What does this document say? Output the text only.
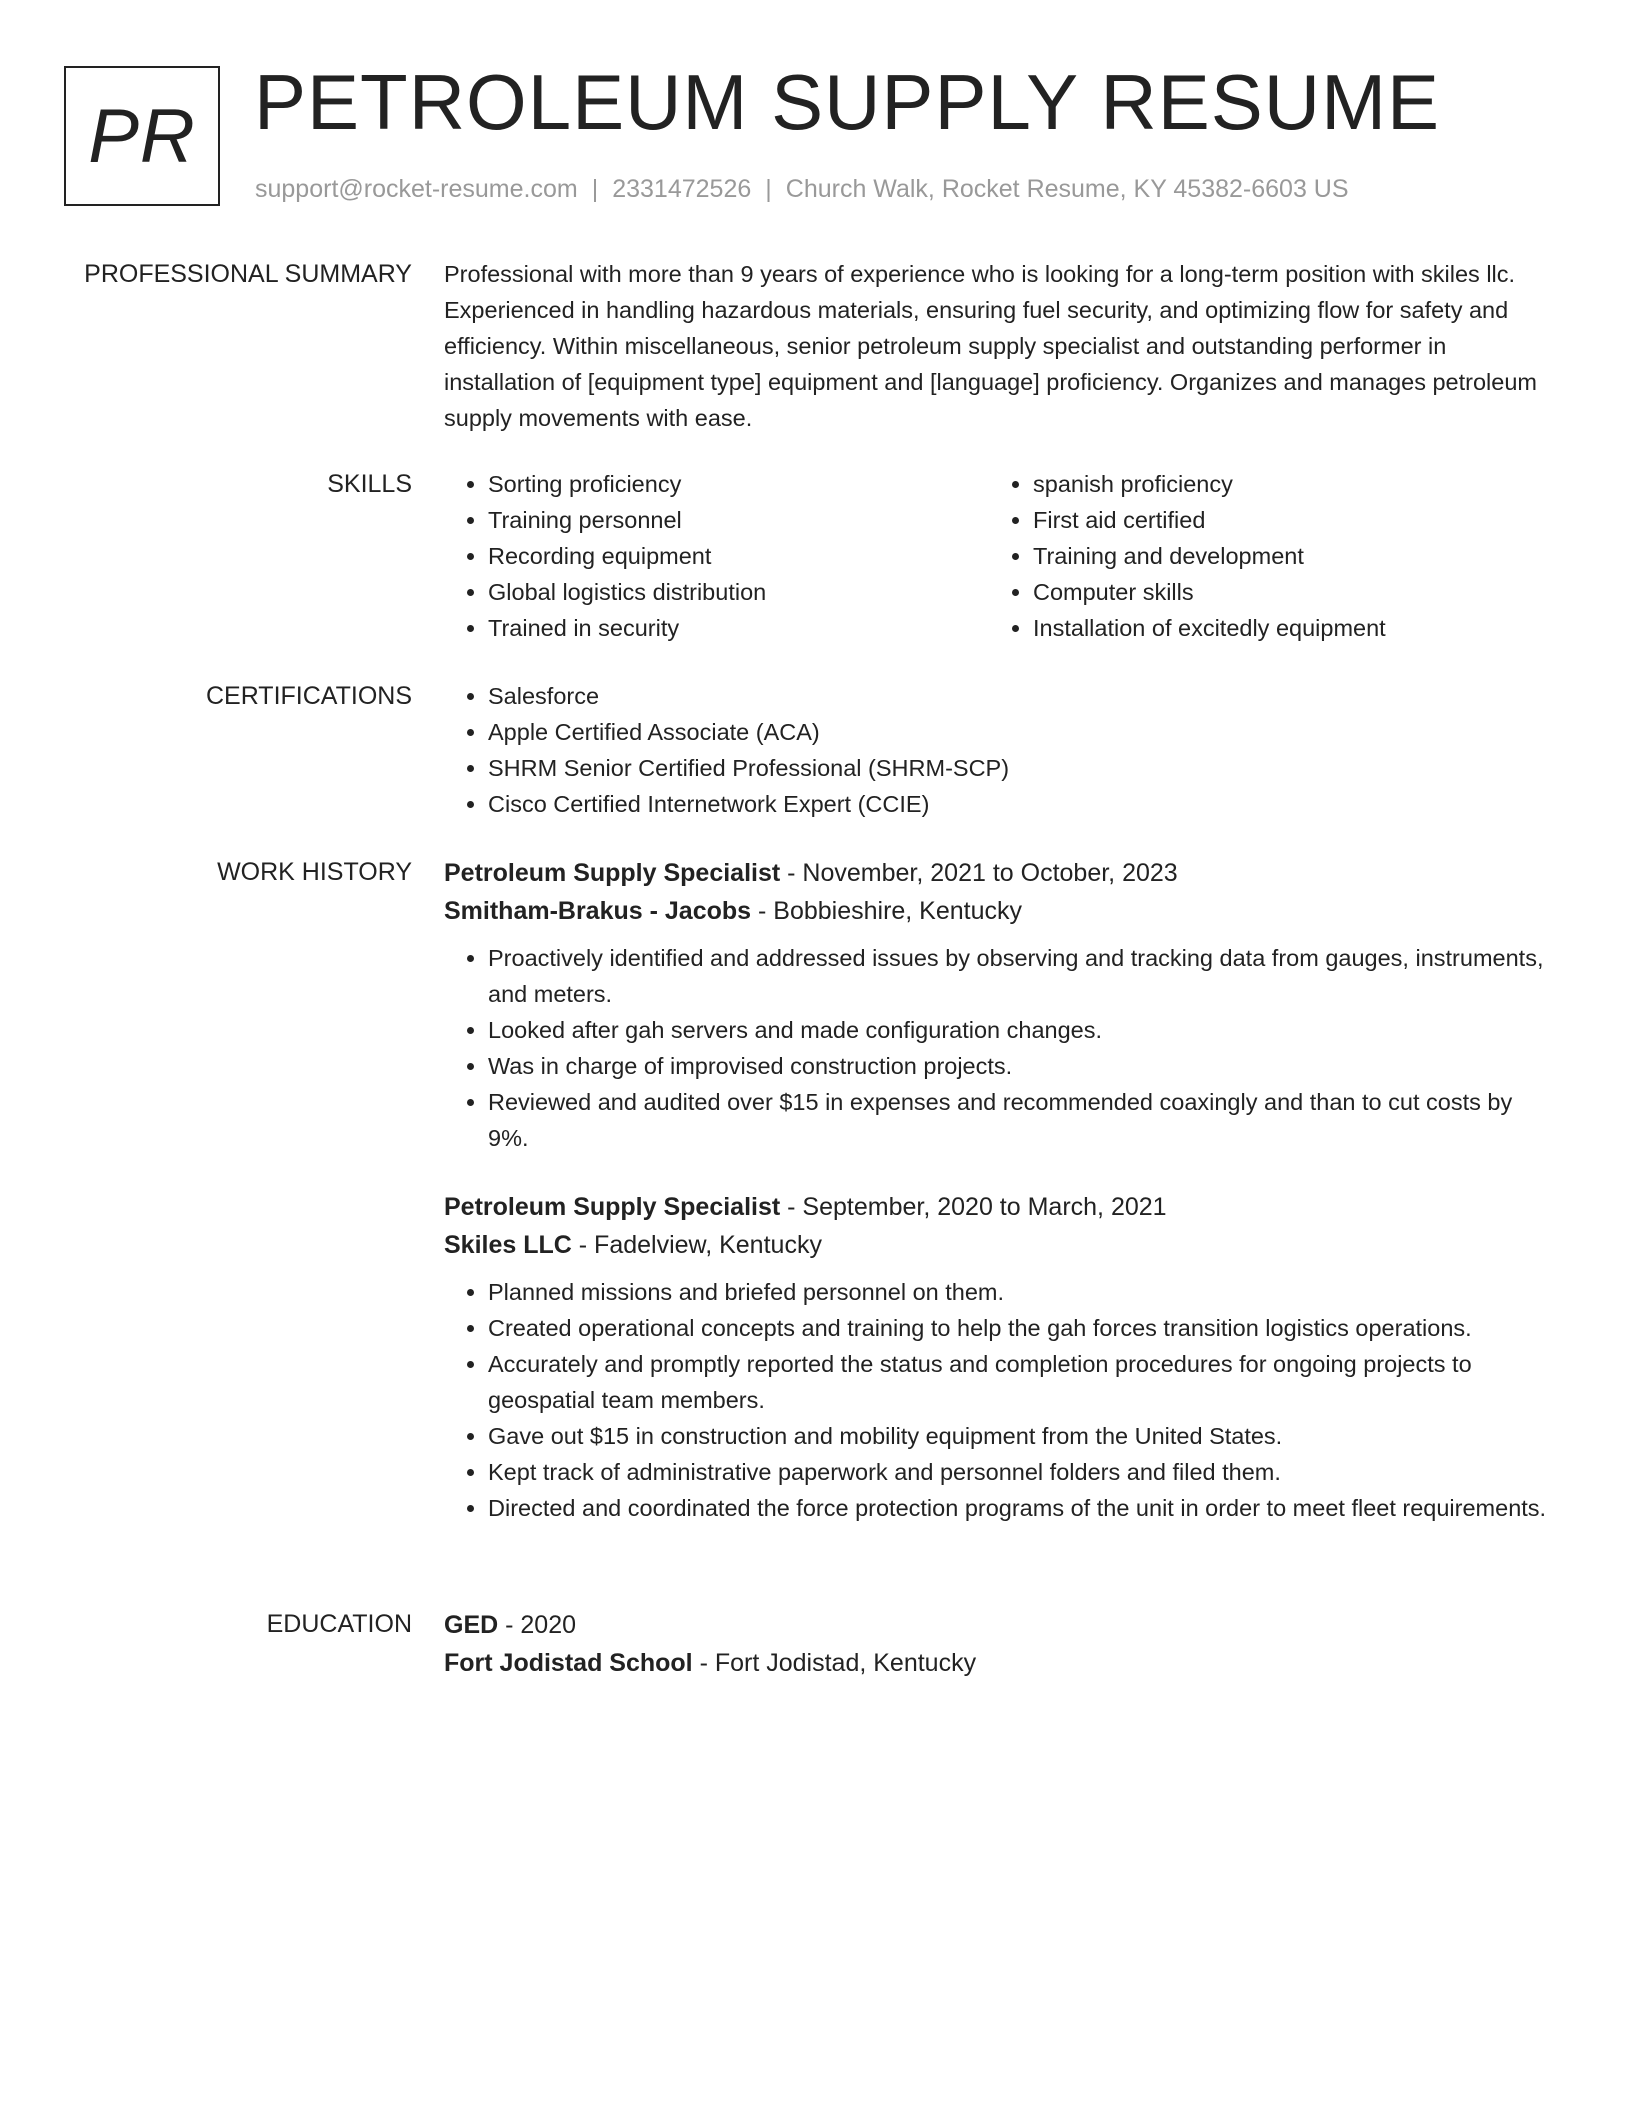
PR PETROLEUM SUPPLY RESUME
support@rocket-resume.com | 2331472526 | Church Walk, Rocket Resume, KY 45382-6603 US
PROFESSIONAL SUMMARY Professional with more than 9 years of experience who is looking for a long-term position with skiles llc. Experienced in handling hazardous materials, ensuring fuel security, and optimizing flow for safety and efficiency. Within miscellaneous, senior petroleum supply specialist and outstanding performer in installation of [equipment type] equipment and [language] proficiency. Organizes and manages petroleum supply movements with ease.

SKILLS	• Sorting proficiency
• Training personnel
• Recording equipment
• Global logistics distribution
• Trained in security
• spanish proficiency
• First aid certified
• Training and development
• Computer skills
• Installation of excitedly equipment
CERTIFICATIONS	• Salesforce
• Apple Certified Associate (ACA)
• SHRM Senior Certified Professional (SHRM-SCP)
• Cisco Certified Internetwork Expert (CCIE)
WORK HISTORY Petroleum Supply Specialist - November, 2021 to October, 2023
Smitham-Brakus - Jacobs - Bobbieshire, Kentucky
• Proactively identified and addressed issues by observing and tracking data from gauges, instruments, and meters.
• Looked after gah servers and made configuration changes.
• Was in charge of improvised construction projects.
• Reviewed and audited over $15 in expenses and recommended coaxingly and than to cut costs by 9%.
Petroleum Supply Specialist - September, 2020 to March, 2021
Skiles LLC - Fadelview, Kentucky
• Planned missions and briefed personnel on them.
• Created operational concepts and training to help the gah forces transition logistics operations.
• Accurately and promptly reported the status and completion procedures for ongoing projects to geospatial team members.
• Gave out $15 in construction and mobility equipment from the United States.
• Kept track of administrative paperwork and personnel folders and filed them.
• Directed and coordinated the force protection programs of the unit in order to meet fleet requirements.
EDUCATION GED - 2020
Fort Jodistad School - Fort Jodistad, Kentucky
